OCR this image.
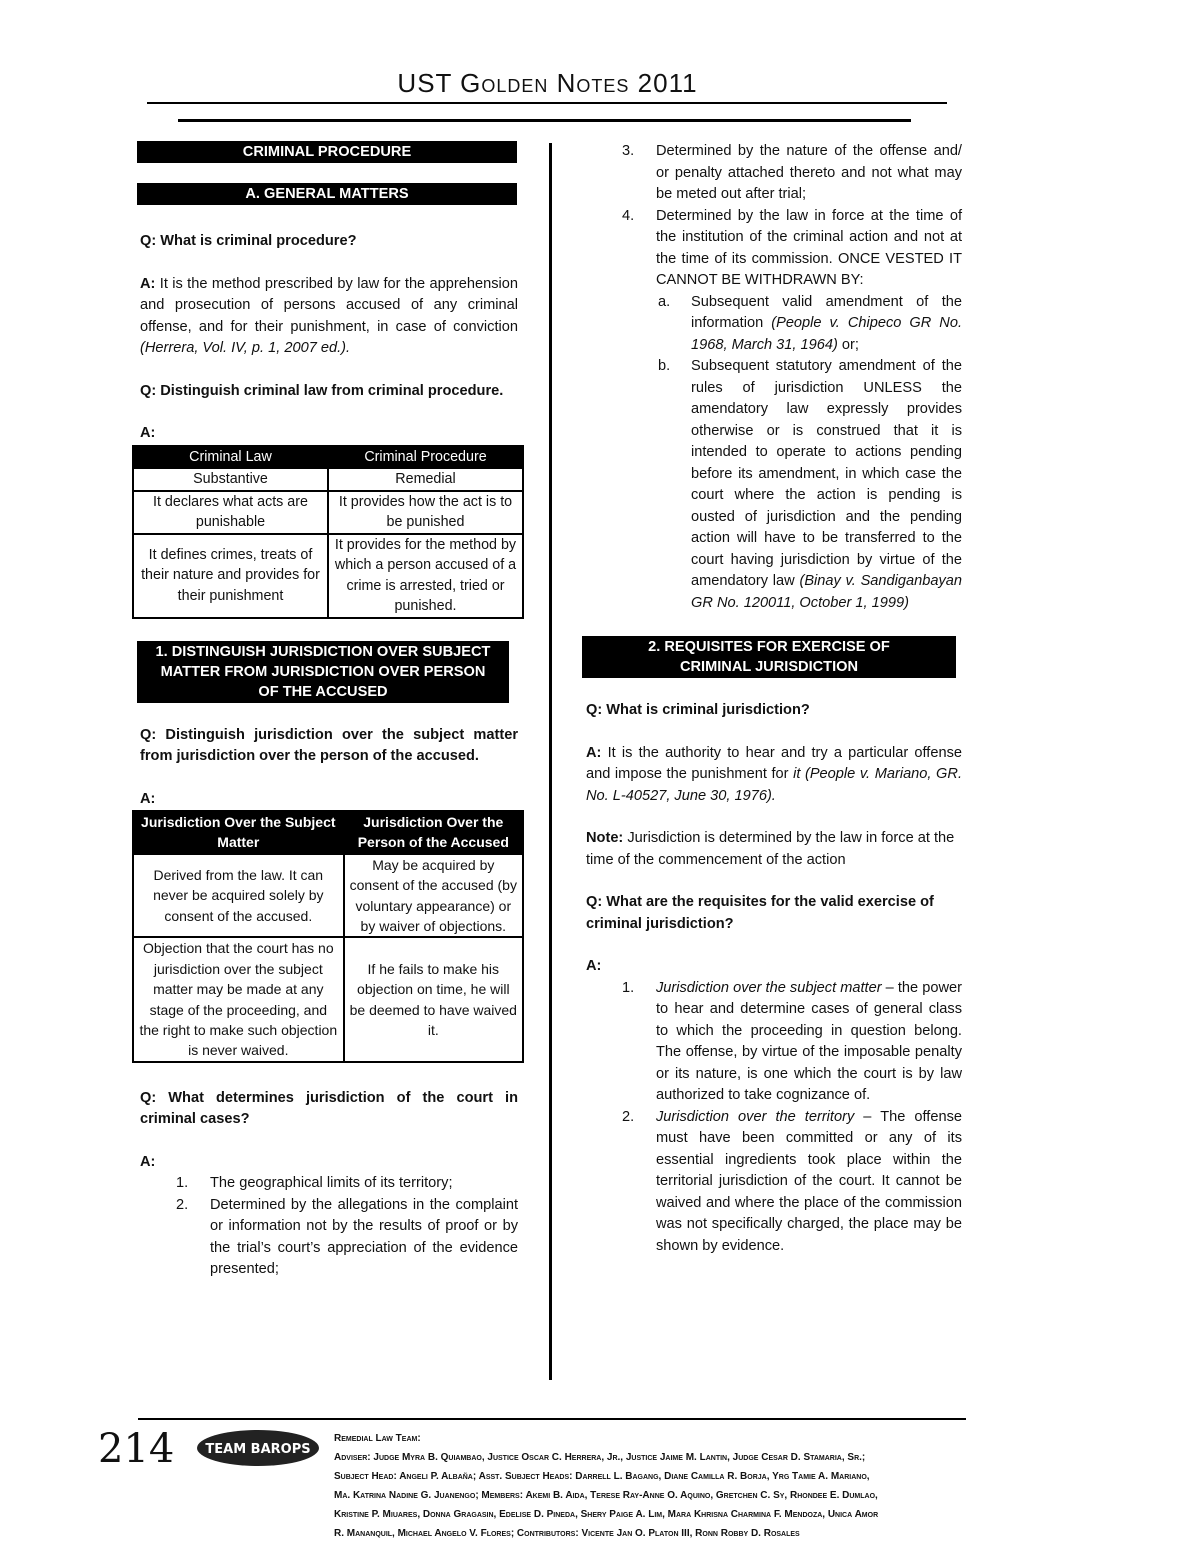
UST Golden Notes 2011
CRIMINAL PROCEDURE
A. GENERAL MATTERS

Q: What is criminal procedure?

A: It is the method prescribed by law for the apprehension and prosecution of persons accused of any criminal offense, and for their punishment, in case of conviction (Herrera, Vol. IV, p. 1, 2007 ed.).

Q: Distinguish criminal law from criminal procedure.

A:

Criminal Law	Criminal Procedure
Substantive	Remedial
It declares what acts are punishable	It provides how the act is to be punished
It defines crimes, treats of their nature and provides for their punishment	It provides for the method by which a person accused of a crime is arrested, tried or punished.
1. DISTINGUISH JURISDICTION OVER SUBJECT MATTER FROM JURISDICTION OVER PERSON OF THE ACCUSED

Q: Distinguish jurisdiction over the subject matter from jurisdiction over the person of the accused.

A:

Jurisdiction Over the Subject Matter	Jurisdiction Over the Person of the Accused
Derived from the law. It can never be acquired solely by consent of the accused.	May be acquired by consent of the accused (by voluntary appearance) or by waiver of objections.
Objection that the court has no jurisdiction over the subject matter may be made at any stage of the proceeding, and the right to make such objection is never waived.	If he fails to make his objection on time, he will be deemed to have waived it.

Q: What determines jurisdiction of the court in criminal cases?

A:

1. The geographical limits of its territory;
2. Determined by the allegations in the complaint or information not by the results of proof or by the trial’s court’s appreciation of the evidence presented;
3. Determined by the nature of the offense and/ or penalty attached thereto and not what may be meted out after trial;
4. Determined by the law in force at the time of the institution of the criminal action and not at the time of its commission. ONCE VESTED IT CANNOT BE WITHDRAWN BY:
a. Subsequent valid amendment of the information (People v. Chipeco GR No. 1968, March 31, 1964) or;
b. Subsequent statutory amendment of the rules of jurisdiction UNLESS the amendatory law expressly provides otherwise or is construed that it is intended to operate to actions pending before its amendment, in which case the court where the action is pending is ousted of jurisdiction and the pending action will have to be transferred to the court having jurisdiction by virtue of the amendatory law (Binay v. Sandiganbayan GR No. 120011, October 1, 1999)
2. REQUISITES FOR EXERCISE OF CRIMINAL JURISDICTION

Q: What is criminal jurisdiction?

A: It is the authority to hear and try a particular offense and impose the punishment for it (People v. Mariano, GR. No. L-40527, June 30, 1976).

Note: Jurisdiction is determined by the law in force at the time of the commencement of the action

Q: What are the requisites for the valid exercise of criminal jurisdiction?

A:

1. Jurisdiction over the subject matter – the power to hear and determine cases of general class to which the proceeding in question belong. The offense, by virtue of the imposable penalty or its nature, is one which the court is by law authorized to take cognizance of.
2. Jurisdiction over the territory – The offense must have been committed or any of its essential ingredients took place within the territorial jurisdiction of the court. It cannot be waived and where the place of the commission was not specifically charged, the place may be shown by evidence.
214 TEAM BAROPS
Remedial Law Team:
Adviser: Judge Myra B. Quiambao, Justice Oscar C. Herrera, Jr., Justice Jaime M. Lantin, Judge Cesar D. Stamaria, Sr.;
Subject Head: Angeli P. Albaña; Asst. Subject Heads: Darrell L. Bagang, Diane Camilla R. Borja, Yrg Tamie A. Mariano,
Ma. Katrina Nadine G. Juanengo; Members: Akemi B. Aida, Terese Ray-Anne O. Aquino, Gretchen C. Sy, Rhondee E. Dumlao,
Kristine P. Miuares, Donna Gragasin, Edelise D. Pineda, Shery Paige A. Lim, Mara Khrisna Charmina F. Mendoza, Unica Amor
R. Mananquil, Michael Angelo V. Flores; Contributors: Vicente Jan O. Platon III, Ronn Robby D. Rosales
